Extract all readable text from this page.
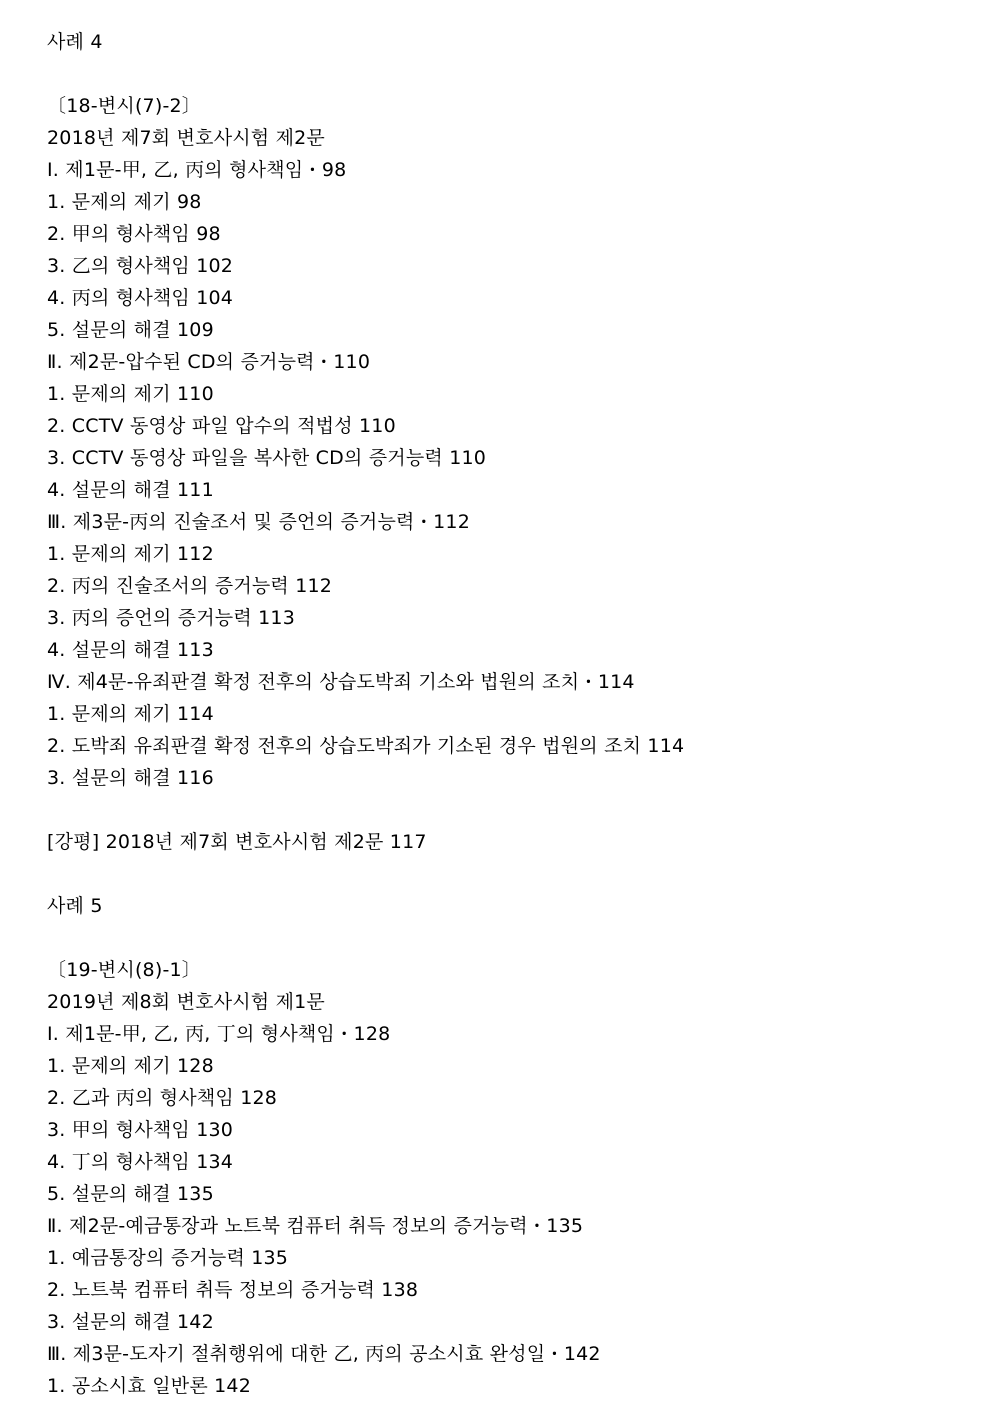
사례 4
〔18-변시(7)-2〕
2018년 제7회 변호사시험 제2문
Ⅰ. 제1문-甲, 乙, 丙의 형사책임 ꞏ 98
1. 문제의 제기 98
2. 甲의 형사책임 98
3. 乙의 형사책임 102
4. 丙의 형사책임 104
5. 설문의 해결 109
Ⅱ. 제2문-압수된 CD의 증거능력 ꞏ 110
1. 문제의 제기 110
2. CCTV 동영상 파일 압수의 적법성 110
3. CCTV 동영상 파일을 복사한 CD의 증거능력 110
4. 설문의 해결 111
Ⅲ. 제3문-丙의 진술조서 및 증언의 증거능력 ꞏ 112
1. 문제의 제기 112
2. 丙의 진술조서의 증거능력 112
3. 丙의 증언의 증거능력 113
4. 설문의 해결 113
Ⅳ. 제4문-유죄판결 확정 전후의 상습도박죄 기소와 법원의 조치 ꞏ 114
1. 문제의 제기 114
2. 도박죄 유죄판결 확정 전후의 상습도박죄가 기소된 경우 법원의 조치 114
3. 설문의 해결 116
[강평] 2018년 제7회 변호사시험 제2문 117
사례 5
〔19-변시(8)-1〕
2019년 제8회 변호사시험 제1문
Ⅰ. 제1문-甲, 乙, 丙, 丁의 형사책임 ꞏ 128
1. 문제의 제기 128
2. 乙과 丙의 형사책임 128
3. 甲의 형사책임 130
4. 丁의 형사책임 134
5. 설문의 해결 135
Ⅱ. 제2문-예금통장과 노트북 컴퓨터 취득 정보의 증거능력 ꞏ 135
1. 예금통장의 증거능력 135
2. 노트북 컴퓨터 취득 정보의 증거능력 138
3. 설문의 해결 142
Ⅲ. 제3문-도자기 절취행위에 대한 乙, 丙의 공소시효 완성일 ꞏ 142
1. 공소시효 일반론 142
